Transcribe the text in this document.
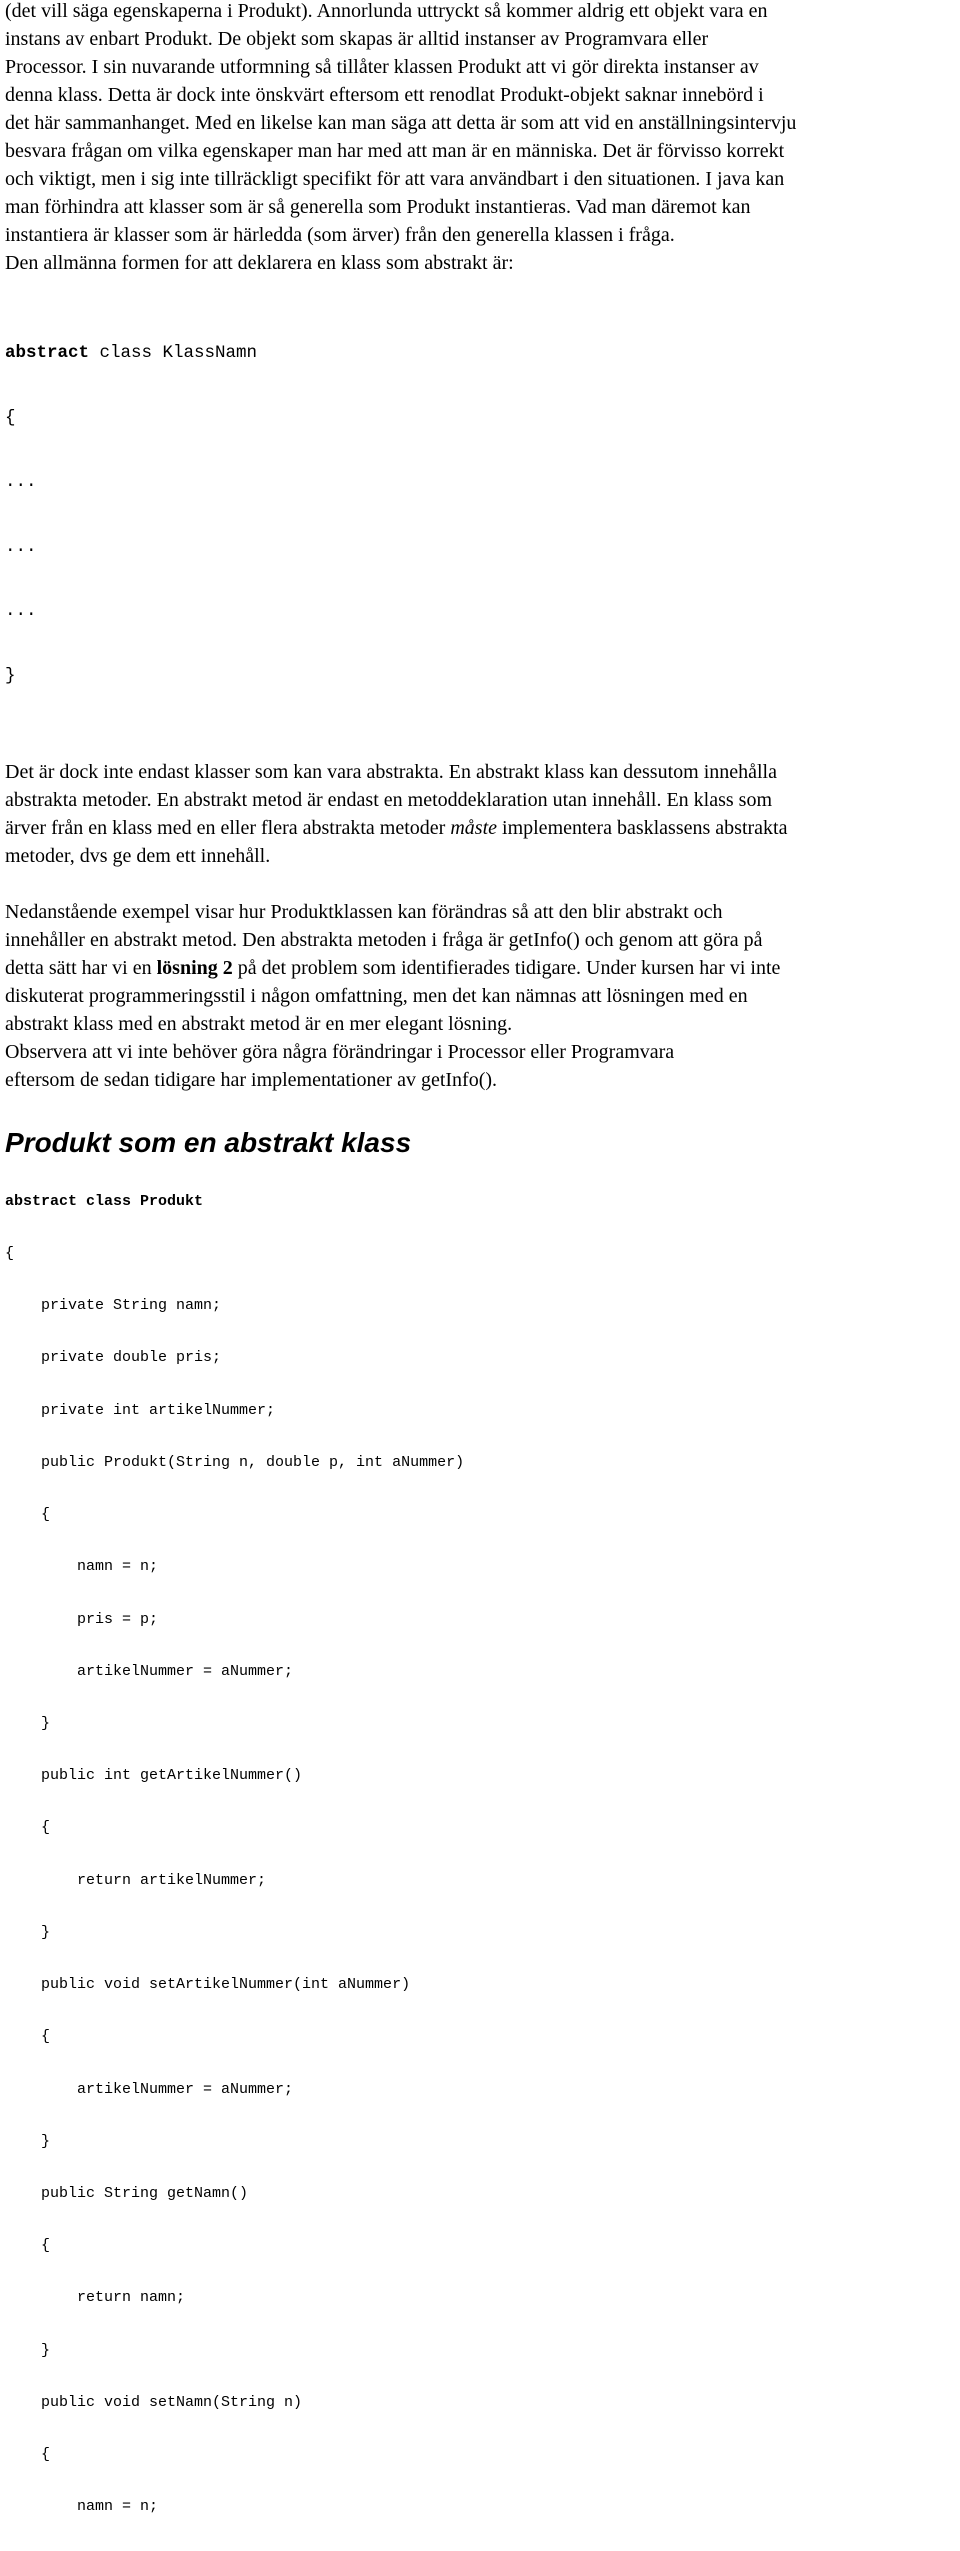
(det vill säga egenskaperna i Produkt). Annorlunda uttryckt så kommer aldrig ett objekt vara en
instans av enbart Produkt. De objekt som skapas är alltid instanser av Programvara eller
Processor. I sin nuvarande utformning så tillåter klassen Produkt att vi gör direkta instanser av
denna klass. Detta är dock inte önskvärt eftersom ett renodlat Produkt-objekt saknar innebörd i
det här sammanhanget. Med en likelse kan man säga att detta är som att vid en anställningsintervju
besvara frågan om vilka egenskaper man har med att man är en människa. Det är förvisso korrekt
och viktigt, men i sig inte tillräckligt specifikt för att vara användbart i den situationen. I java kan
man förhindra att klasser som är så generella som Produkt instantieras. Vad man däremot kan
instantiera är klasser som är härledda (som ärver) från den generella klassen i fråga.
Den allmänna formen for att deklarera en klass som abstrakt är:

abstract class KlassNamn

{

...

...

...

}

Det är dock inte endast klasser som kan vara abstrakta. En abstrakt klass kan dessutom innehålla
abstrakta metoder. En abstrakt metod är endast en metoddeklaration utan innehåll. En klass som
ärver från en klass med en eller flera abstrakta metoder måste implementera basklassens abstrakta
metoder, dvs ge dem ett innehåll.
Nedanstående exempel visar hur Produktklassen kan förändras så att den blir abstrakt och
innehåller en abstrakt metod. Den abstrakta metoden i fråga är getInfo() och genom att göra på
detta sätt har vi en lösning 2 på det problem som identifierades tidigare. Under kursen har vi inte
diskuterat programmeringsstil i någon omfattning, men det kan nämnas att lösningen med en
abstrakt klass med en abstrakt metod är en mer elegant lösning.
Observera att vi inte behöver göra några förändringar i Processor eller Programvara
eftersom de sedan tidigare har implementationer av getInfo().
Produkt som en abstrakt klass

abstract class Produkt

{

private String namn;

private double pris;

private int artikelNummer;

public Produkt(String n, double p, int aNummer)

{

namn = n;

pris = p;

artikelNummer = aNummer;

}

public int getArtikelNummer()

{

return artikelNummer;

}

public void setArtikelNummer(int aNummer)

{

artikelNummer = aNummer;

}

public String getNamn()

{

return namn;

}

public void setNamn(String n)

{

namn = n;
